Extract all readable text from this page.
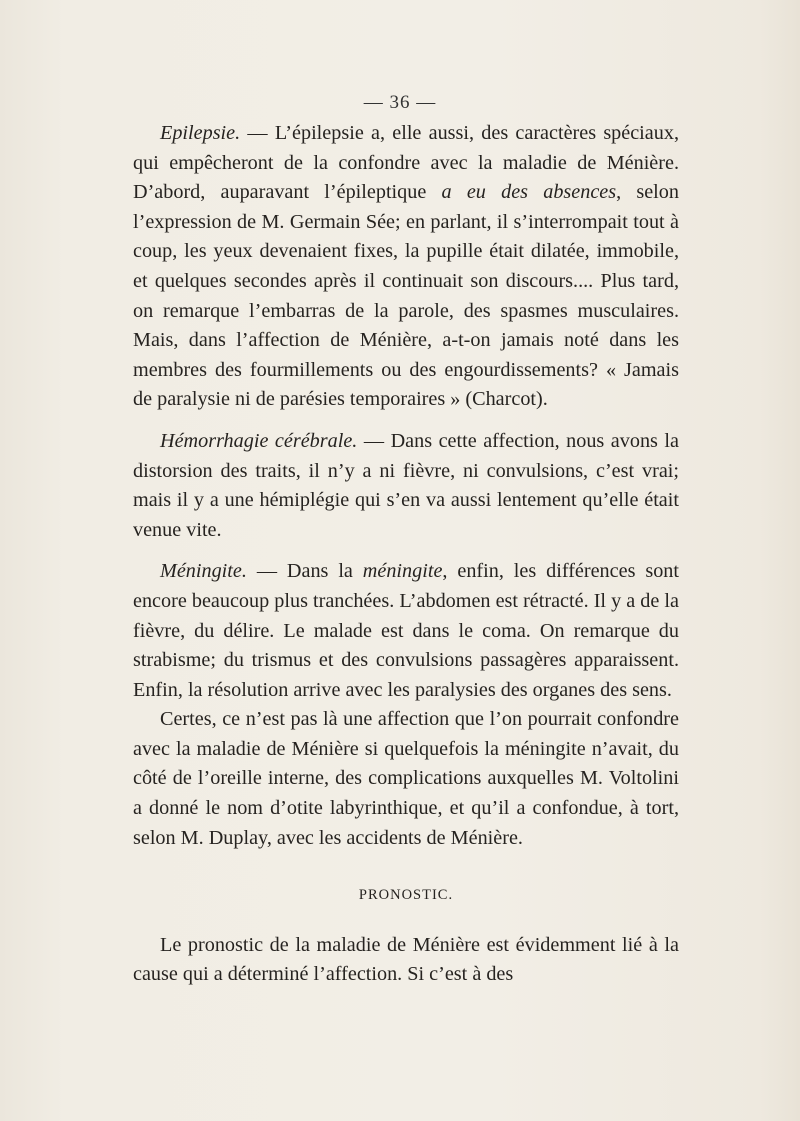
— 36 —

Epilepsie. — L’épilepsie a, elle aussi, des caractères spéciaux, qui empêcheront de la confondre avec la maladie de Ménière. D’abord, auparavant l’épileptique a eu des absences, selon l’expression de M. Germain Sée; en parlant, il s’interrompait tout à coup, les yeux devenaient fixes, la pupille était dilatée, immobile, et quelques secondes après il continuait son discours.... Plus tard, on remarque l’embarras de la parole, des spasmes musculaires. Mais, dans l’affection de Ménière, a-t-on jamais noté dans les membres des fourmillements ou des engourdissements? « Jamais de paralysie ni de parésies temporaires » (Charcot).

Hémorrhagie cérébrale. — Dans cette affection, nous avons la distorsion des traits, il n’y a ni fièvre, ni convulsions, c’est vrai; mais il y a une hémiplégie qui s’en va aussi lentement qu’elle était venue vite.

Méningite. — Dans la méningite, enfin, les différences sont encore beaucoup plus tranchées. L’abdomen est rétracté. Il y a de la fièvre, du délire. Le malade est dans le coma. On remarque du strabisme; du trismus et des convulsions passagères apparaissent. Enfin, la résolution arrive avec les paralysies des organes des sens.

Certes, ce n’est pas là une affection que l’on pourrait confondre avec la maladie de Ménière si quelquefois la méningite n’avait, du côté de l’oreille interne, des complications auxquelles M. Voltolini a donné le nom d’otite labyrinthique, et qu’il a confondue, à tort, selon M. Duplay, avec les accidents de Ménière.

PRONOSTIC.

Le pronostic de la maladie de Ménière est évidemment lié à la cause qui a déterminé l’affection. Si c’est à des
